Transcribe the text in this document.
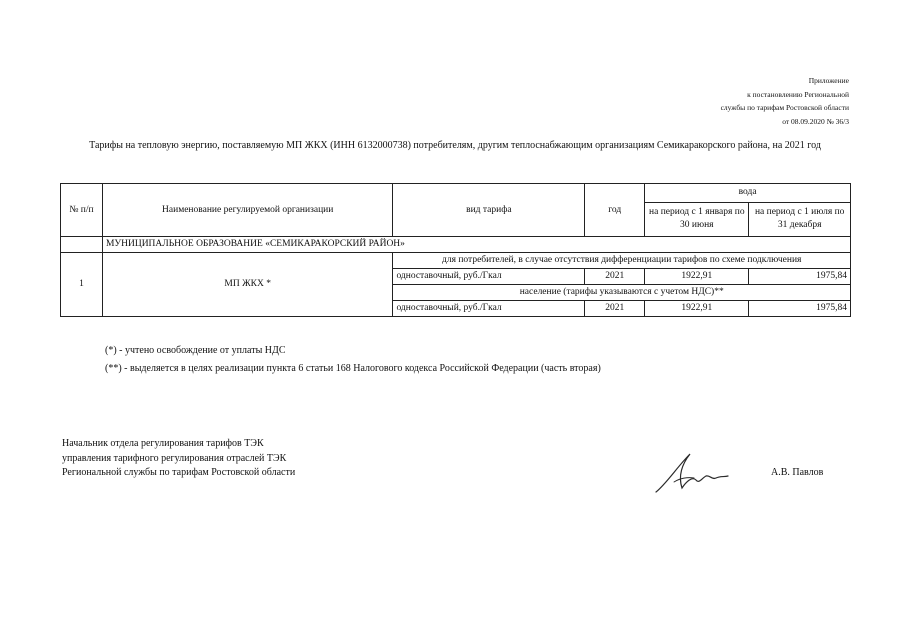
Приложение
к постановлению Региональной
службы по тарифам Ростовской области
от 08.09.2020 № 36/3
Тарифы на тепловую энергию, поставляемую МП ЖКХ (ИНН 6132000738) потребителям, другим теплоснабжающим организациям Семикаракорского района, на 2021 год
№ п/п	Наименование регулируемой организации	вид тарифа	год	вода	
				на период с 1 января по 30 июня	на период с 1 июля по 31 декабря
	МУНИЦИПАЛЬНОЕ ОБРАЗОВАНИЕ «СЕМИКАРАКОРСКИЙ РАЙОН»				
1	МП ЖКХ *	для потребителей, в случае отсутствия дифференциации тарифов по схеме подключения			
		одноставочный, руб./Гкал	2021	1922,91	1975,84
		население (тарифы указываются с учетом НДС)**			
		одноставочный, руб./Гкал	2021	1922,91	1975,84
(*) - учтено освобождение от уплаты НДС
(**) - выделяется в целях реализации пункта 6 статьи 168 Налогового кодекса Российской Федерации (часть вторая)
Начальник отдела регулирования тарифов ТЭК
управления тарифного регулирования отраслей ТЭК
Региональной службы по тарифам Ростовской области	А.В. Павлов
